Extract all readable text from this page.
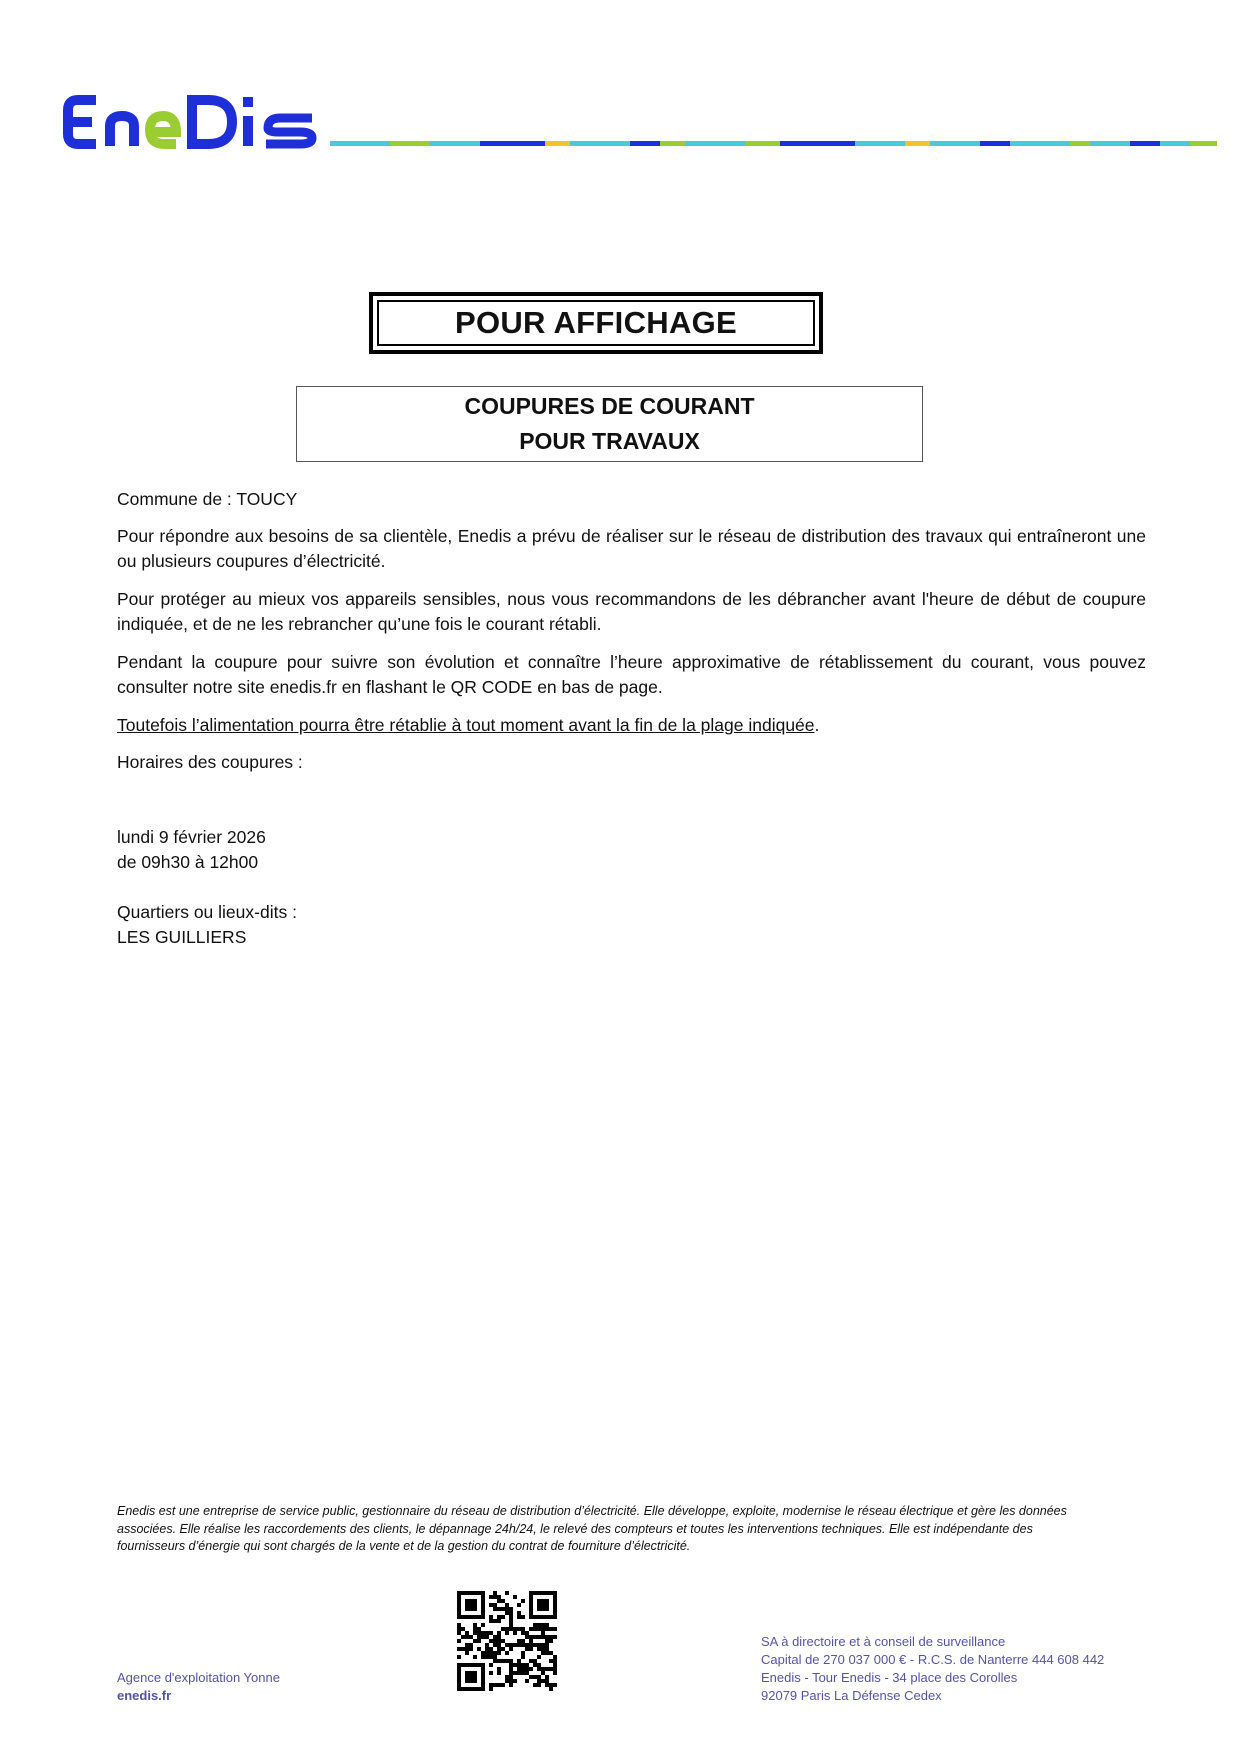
POUR AFFICHAGE
COUPURES DE COURANT
POUR TRAVAUX
Commune de : TOUCY
Pour répondre aux besoins de sa clientèle, Enedis a prévu de réaliser sur le réseau de distribution des travaux qui entraîneront une ou plusieurs coupures d’électricité.
Pour protéger au mieux vos appareils sensibles, nous vous recommandons de les débrancher avant l'heure de début de coupure indiquée, et de ne les rebrancher qu’une fois le courant rétabli.
Pendant la coupure pour suivre son évolution et connaître l’heure approximative de rétablissement du courant, vous pouvez consulter notre site enedis.fr en flashant le QR CODE en bas de page.
Toutefois l’alimentation pourra être rétablie à tout moment avant la fin de la plage indiquée.
Horaires des coupures :
lundi 9 février 2026
de 09h30 à 12h00
Quartiers ou lieux-dits :
LES GUILLIERS
Enedis est une entreprise de service public, gestionnaire du réseau de distribution d’électricité. Elle développe, exploite, modernise le réseau électrique et gère les données
associées. Elle réalise les raccordements des clients, le dépannage 24h/24, le relevé des compteurs et toutes les interventions techniques. Elle est indépendante des
fournisseurs d’énergie qui sont chargés de la vente et de la gestion du contrat de fourniture d’électricité.
Agence d'exploitation Yonne
enedis.fr
SA à directoire et à conseil de surveillance
Capital de 270 037 000 € - R.C.S. de Nanterre 444 608 442
Enedis - Tour Enedis - 34 place des Corolles
92079 Paris La Défense Cedex
